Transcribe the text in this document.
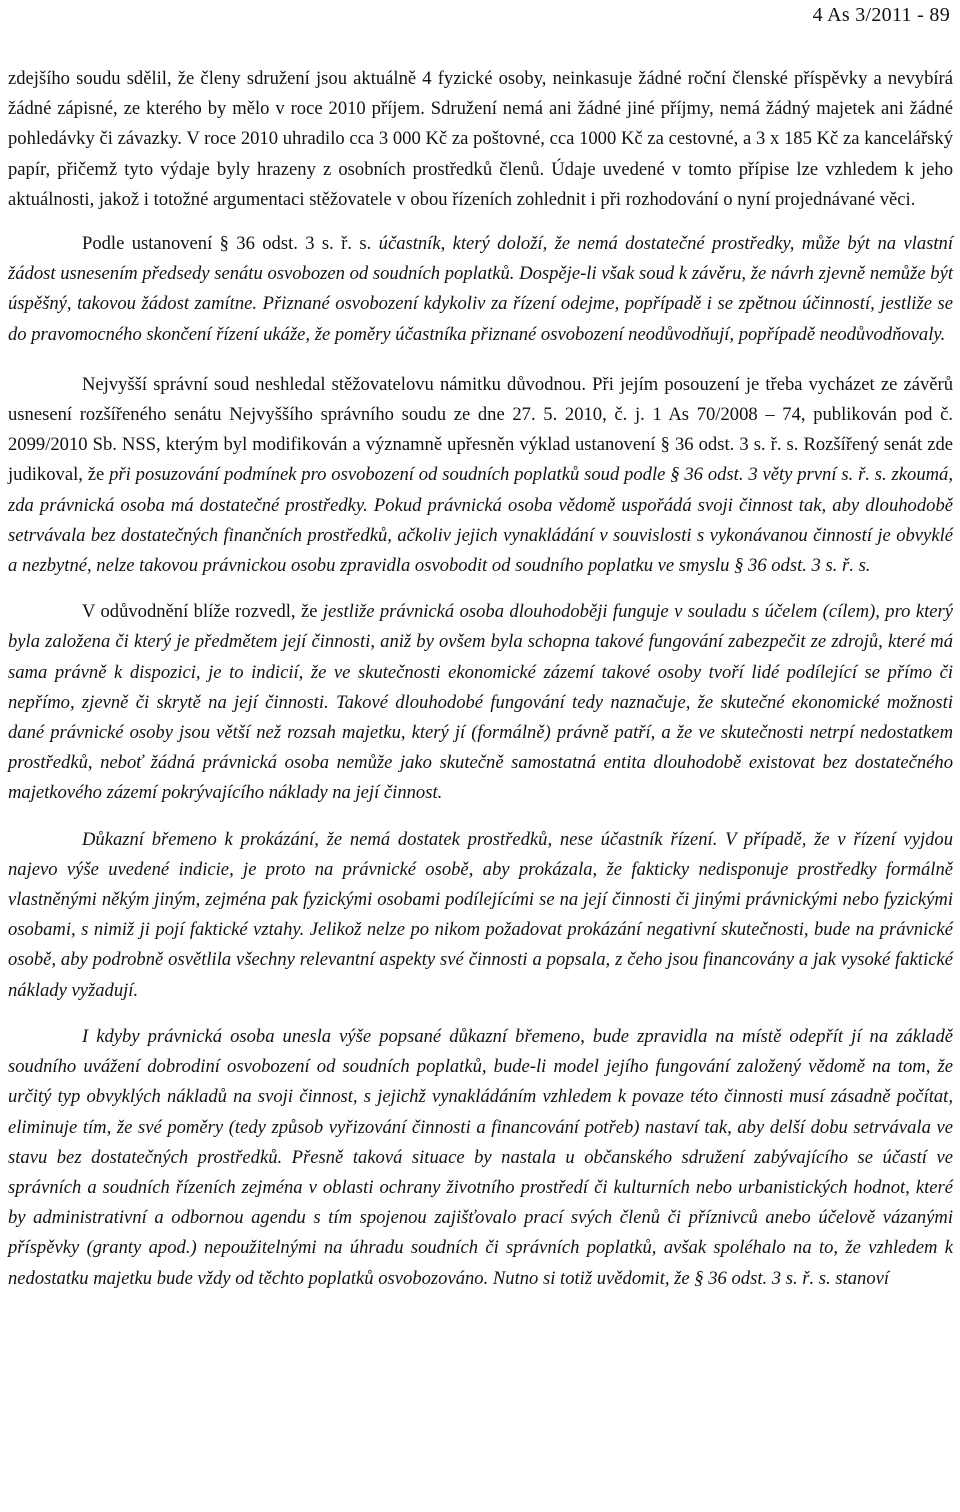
4 As 3/2011 - 89

zdejšího soudu sdělil, že členy sdružení jsou aktuálně 4 fyzické osoby, neinkasuje žádné roční členské příspěvky a nevybírá žádné zápisné, ze kterého by mělo v roce 2010 příjem. Sdružení nemá ani žádné jiné příjmy, nemá žádný majetek ani žádné pohledávky či závazky. V roce 2010 uhradilo cca 3 000 Kč za poštovné, cca 1000 Kč za cestovné, a 3 x 185 Kč za kancelářský papír, přičemž tyto výdaje byly hrazeny z osobních prostředků členů. Údaje uvedené v tomto přípise lze vzhledem k jeho aktuálnosti, jakož i totožné argumentaci stěžovatele v obou řízeních zohlednit i při rozhodování o nyní projednávané věci.

Podle ustanovení § 36 odst. 3 s. ř. s. účastník, který doloží, že nemá dostatečné prostředky, může být na vlastní žádost usnesením předsedy senátu osvobozen od soudních poplatků. Dospěje-li však soud k závěru, že návrh zjevně nemůže být úspěšný, takovou žádost zamítne. Přiznané osvobození kdykoliv za řízení odejme, popřípadě i se zpětnou účinností, jestliže se do pravomocného skončení řízení ukáže, že poměry účastníka přiznané osvobození neodůvodňují, popřípadě neodůvodňovaly.

Nejvyšší správní soud neshledal stěžovatelovu námitku důvodnou. Při jejím posouzení je třeba vycházet ze závěrů usnesení rozšířeného senátu Nejvyššího správního soudu ze dne 27. 5. 2010, č. j. 1 As 70/2008 – 74, publikován pod č. 2099/2010 Sb. NSS, kterým byl modifikován a významně upřesněn výklad ustanovení § 36 odst. 3 s. ř. s. Rozšířený senát zde judikoval, že při posuzování podmínek pro osvobození od soudních poplatků soud podle § 36 odst. 3 věty první s. ř. s. zkoumá, zda právnická osoba má dostatečné prostředky. Pokud právnická osoba vědomě uspořádá svoji činnost tak, aby dlouhodobě setrvávala bez dostatečných finančních prostředků, ačkoliv jejich vynakládání v souvislosti s vykonávanou činností je obvyklé a nezbytné, nelze takovou právnickou osobu zpravidla osvobodit od soudního poplatku ve smyslu § 36 odst. 3 s. ř. s.

V odůvodnění blíže rozvedl, že jestliže právnická osoba dlouhodoběji funguje v souladu s účelem (cílem), pro který byla založena či který je předmětem její činnosti, aniž by ovšem byla schopna takové fungování zabezpečit ze zdrojů, které má sama právně k dispozici, je to indicií, že ve skutečnosti ekonomické zázemí takové osoby tvoří lidé podílející se přímo či nepřímo, zjevně či skrytě na její činnosti. Takové dlouhodobé fungování tedy naznačuje, že skutečné ekonomické možnosti dané právnické osoby jsou větší než rozsah majetku, který jí (formálně) právně patří, a že ve skutečnosti netrpí nedostatkem prostředků, neboť žádná právnická osoba nemůže jako skutečně samostatná entita dlouhodobě existovat bez dostatečného majetkového zázemí pokrývajícího náklady na její činnost.

Důkazní břemeno k prokázání, že nemá dostatek prostředků, nese účastník řízení. V případě, že v řízení vyjdou najevo výše uvedené indicie, je proto na právnické osobě, aby prokázala, že fakticky nedisponuje prostředky formálně vlastněnými někým jiným, zejména pak fyzickými osobami podílejícími se na její činnosti či jinými právnickými nebo fyzickými osobami, s nimiž ji pojí faktické vztahy. Jelikož nelze po nikom požadovat prokázání negativní skutečnosti, bude na právnické osobě, aby podrobně osvětlila všechny relevantní aspekty své činnosti a popsala, z čeho jsou financovány a jak vysoké faktické náklady vyžadují.

I kdyby právnická osoba unesla výše popsané důkazní břemeno, bude zpravidla na místě odepřít jí na základě soudního uvážení dobrodiní osvobození od soudních poplatků, bude-li model jejího fungování založený vědomě na tom, že určitý typ obvyklých nákladů na svoji činnost, s jejichž vynakládáním vzhledem k povaze této činnosti musí zásadně počítat, eliminuje tím, že své poměry (tedy způsob vyřizování činnosti a financování potřeb) nastaví tak, aby delší dobu setrvávala ve stavu bez dostatečných prostředků. Přesně taková situace by nastala u občanského sdružení zabývajícího se účastí ve správních a soudních řízeních zejména v oblasti ochrany životního prostředí či kulturních nebo urbanistických hodnot, které by administrativní a odbornou agendu s tím spojenou zajišťovalo prací svých členů či příznivců anebo účelově vázanými příspěvky (granty apod.) nepoužitelnými na úhradu soudních či správních poplatků, avšak spoléhalo na to, že vzhledem k nedostatku majetku bude vždy od těchto poplatků osvobozováno. Nutno si totiž uvědomit, že § 36 odst. 3 s. ř. s. stanoví
